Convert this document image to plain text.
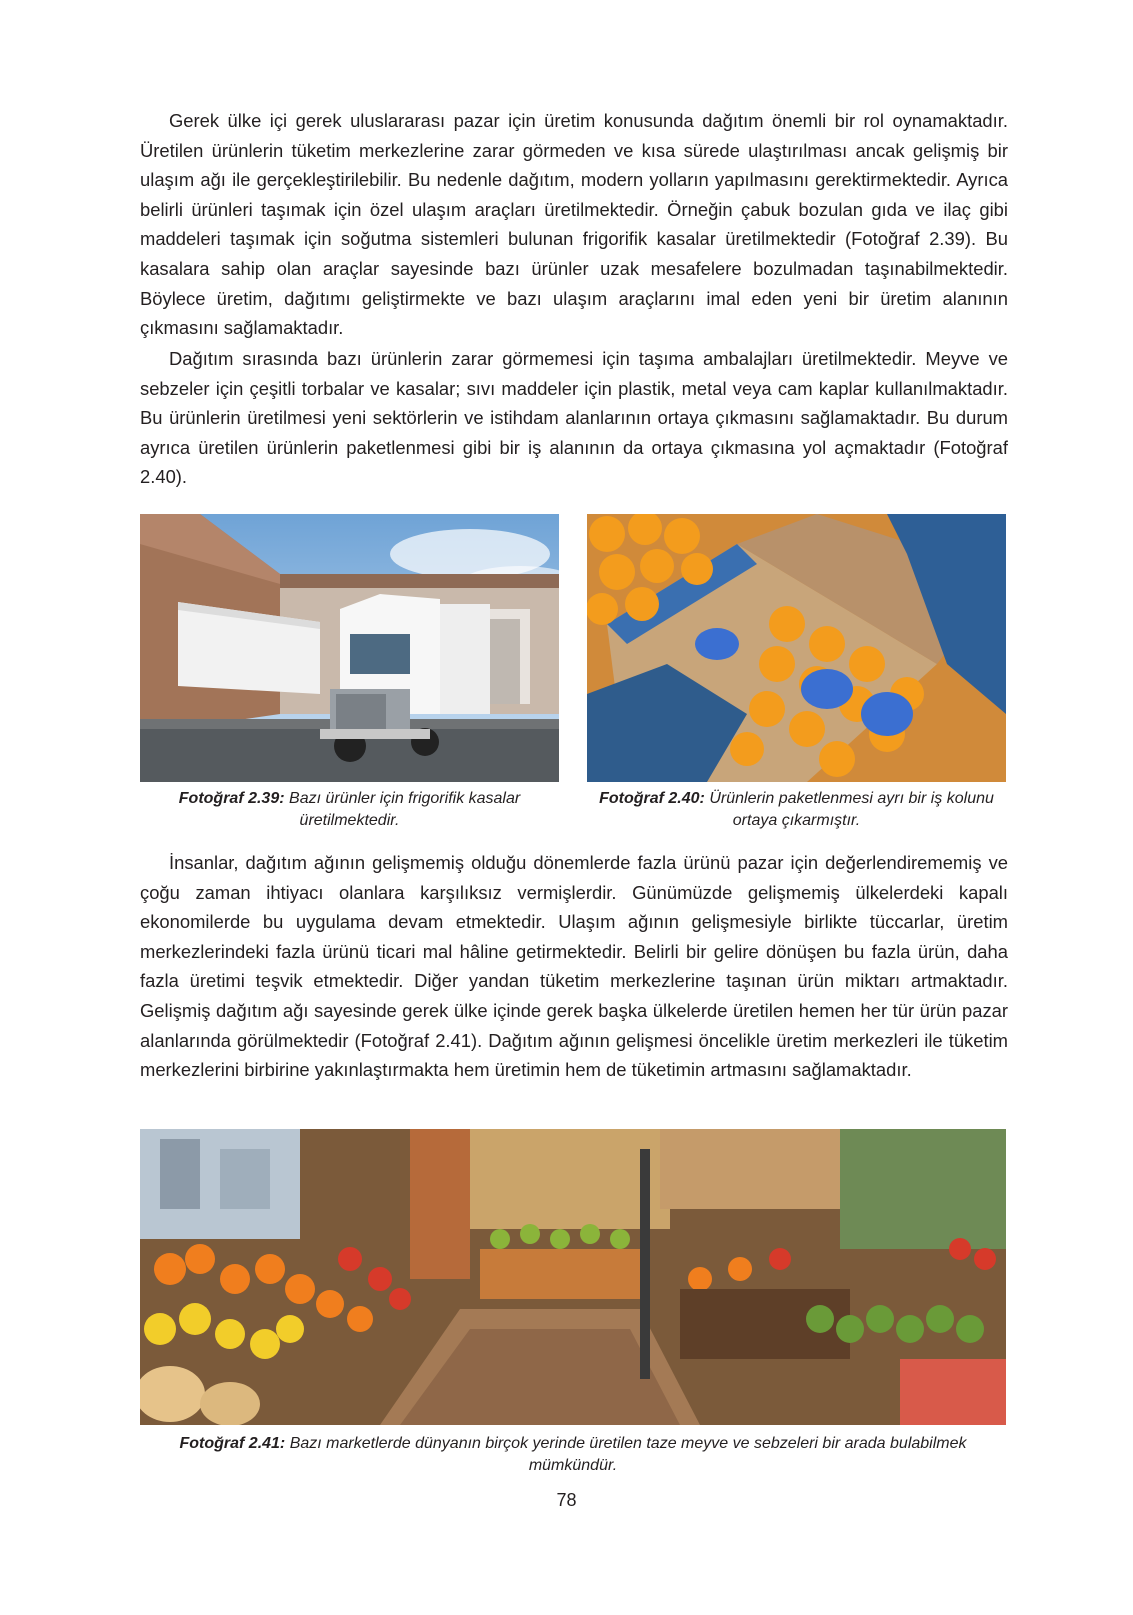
Gerek ülke içi gerek uluslararası pazar için üretim konusunda dağıtım önemli bir rol oynamaktadır. Üretilen ürünlerin tüketim merkezlerine zarar görmeden ve kısa sürede ulaştırılması ancak gelişmiş bir ulaşım ağı ile gerçekleştirilebilir. Bu nedenle dağıtım, modern yolların yapılmasını gerektirmektedir. Ayrıca belirli ürünleri taşımak için özel ulaşım araçları üretilmektedir. Örneğin çabuk bozulan gıda ve ilaç gibi maddeleri taşımak için soğutma sistemleri bulunan frigorifik kasalar üretilmektedir (Fotoğraf 2.39). Bu kasalara sahip olan araçlar sayesinde bazı ürünler uzak mesafelere bozulmadan taşınabilmektedir. Böylece üretim, dağıtımı geliştirmekte ve bazı ulaşım araçlarını imal eden yeni bir üretim alanının çıkmasını sağlamaktadır.

Dağıtım sırasında bazı ürünlerin zarar görmemesi için taşıma ambalajları üretilmektedir. Meyve ve sebzeler için çeşitli torbalar ve kasalar; sıvı maddeler için plastik, metal veya cam kaplar kullanılmaktadır. Bu ürünlerin üretilmesi yeni sektörlerin ve istihdam alanlarının ortaya çıkmasını sağlamaktadır. Bu durum ayrıca üretilen ürünlerin paketlenmesi gibi bir iş alanının da ortaya çıkmasına yol açmaktadır (Fotoğraf 2.40).

Fotoğraf 2.39: Bazı ürünler için frigorifik kasalar üretilmektedir.

Fotoğraf 2.40: Ürünlerin paketlenmesi ayrı bir iş kolunu ortaya çıkarmıştır.

İnsanlar, dağıtım ağının gelişmemiş olduğu dönemlerde fazla ürünü pazar için değerlendirememiş ve çoğu zaman ihtiyacı olanlara karşılıksız vermişlerdir. Günümüzde gelişmemiş ülkelerdeki kapalı ekonomilerde bu uygulama devam etmektedir. Ulaşım ağının gelişmesiyle birlikte tüccarlar, üretim merkezlerindeki fazla ürünü ticari mal hâline getirmektedir. Belirli bir gelire dönüşen bu fazla ürün, daha fazla üretimi teşvik etmektedir. Diğer yandan tüketim merkezlerine taşınan ürün miktarı artmaktadır. Gelişmiş dağıtım ağı sayesinde gerek ülke içinde gerek başka ülkelerde üretilen hemen her tür ürün pazar alanlarında görülmektedir (Fotoğraf 2.41). Dağıtım ağının gelişmesi öncelikle üretim merkezleri ile tüketim merkezlerini birbirine yakınlaştırmakta hem üretimin hem de tüketimin artmasını sağlamaktadır.

Fotoğraf 2.41: Bazı marketlerde dünyanın birçok yerinde üretilen taze meyve ve sebzeleri bir arada bulabilmek mümkündür.

78
